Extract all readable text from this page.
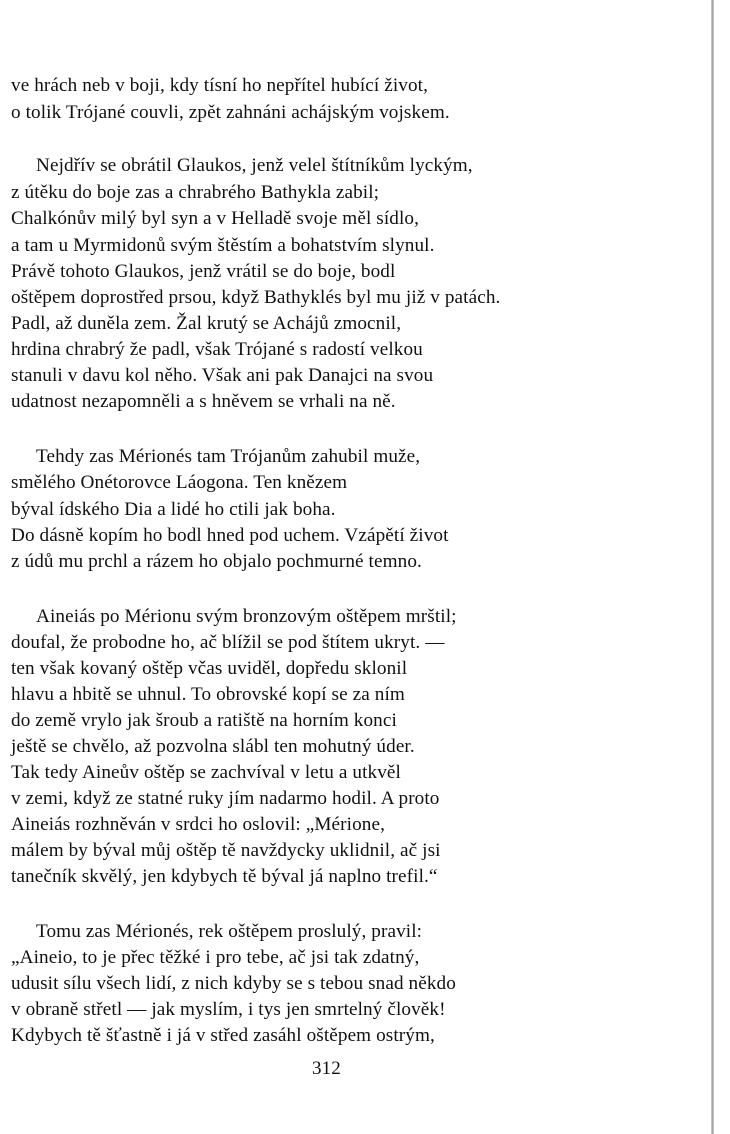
ve hrách neb v boji, kdy tísní ho nepřítel hubící život,
o tolik Trójané couvli, zpět zahnáni achájským vojskem.
Nejdřív se obrátil Glaukos, jenž velel štítníkům lyckým,
z útěku do boje zas a chrabrého Bathykla zabil;
Chalkónův milý byl syn a v Helladě svoje měl sídlo,
a tam u Myrmidonů svým štěstím a bohatstvím slynul.
Právě tohoto Glaukos, jenž vrátil se do boje, bodl
oštěpem doprostřed prsou, když Bathyklés byl mu již v patách.
Padl, až duněla zem. Žal krutý se Achájů zmocnil,
hrdina chrabrý že padl, však Trójané s radostí velkou
stanuli v davu kol něho. Však ani pak Danajci na svou
udatnost nezapomněli a s hněvem se vrhali na ně.
Tehdy zas Mérionés tam Trójanům zahubil muže,
smělého Onétorovce Láogona. Ten knězem
býval ídského Dia a lidé ho ctili jak boha.
Do dásně kopím ho bodl hned pod uchem. Vzápětí život
z údů mu prchl a rázem ho objalo pochmurné temno.
Aineiás po Mérionu svým bronzovým oštěpem mrštil;
doufal, že probodne ho, ač blížil se pod štítem ukryt. —
ten však kovaný oštěp včas uviděl, dopředu sklonil
hlavu a hbitě se uhnul. To obrovské kopí se za ním
do země vrylo jak šroub a ratiště na horním konci
ještě se chvělo, až pozvolna slábl ten mohutný úder.
Tak tedy Aineův oštěp se zachvíval v letu a utkvěl
v zemi, když ze statné ruky jím nadarmo hodil. A proto
Aineiás rozhněván v srdci ho oslovil: „Mérione,
málem by býval můj oštěp tě navždycky uklidnil, ač jsi
tanečník skvělý, jen kdybych tě býval já naplno trefil.“
Tomu zas Mérionés, rek oštěpem proslulý, pravil:
„Aineio, to je přec těžké i pro tebe, ač jsi tak zdatný,
udusit sílu všech lidí, z nich kdyby se s tebou snad někdo
v obraně střetl — jak myslím, i tys jen smrtelný člověk!
Kdybych tě šťastně i já v střed zasáhl oštěpem ostrým,
312
